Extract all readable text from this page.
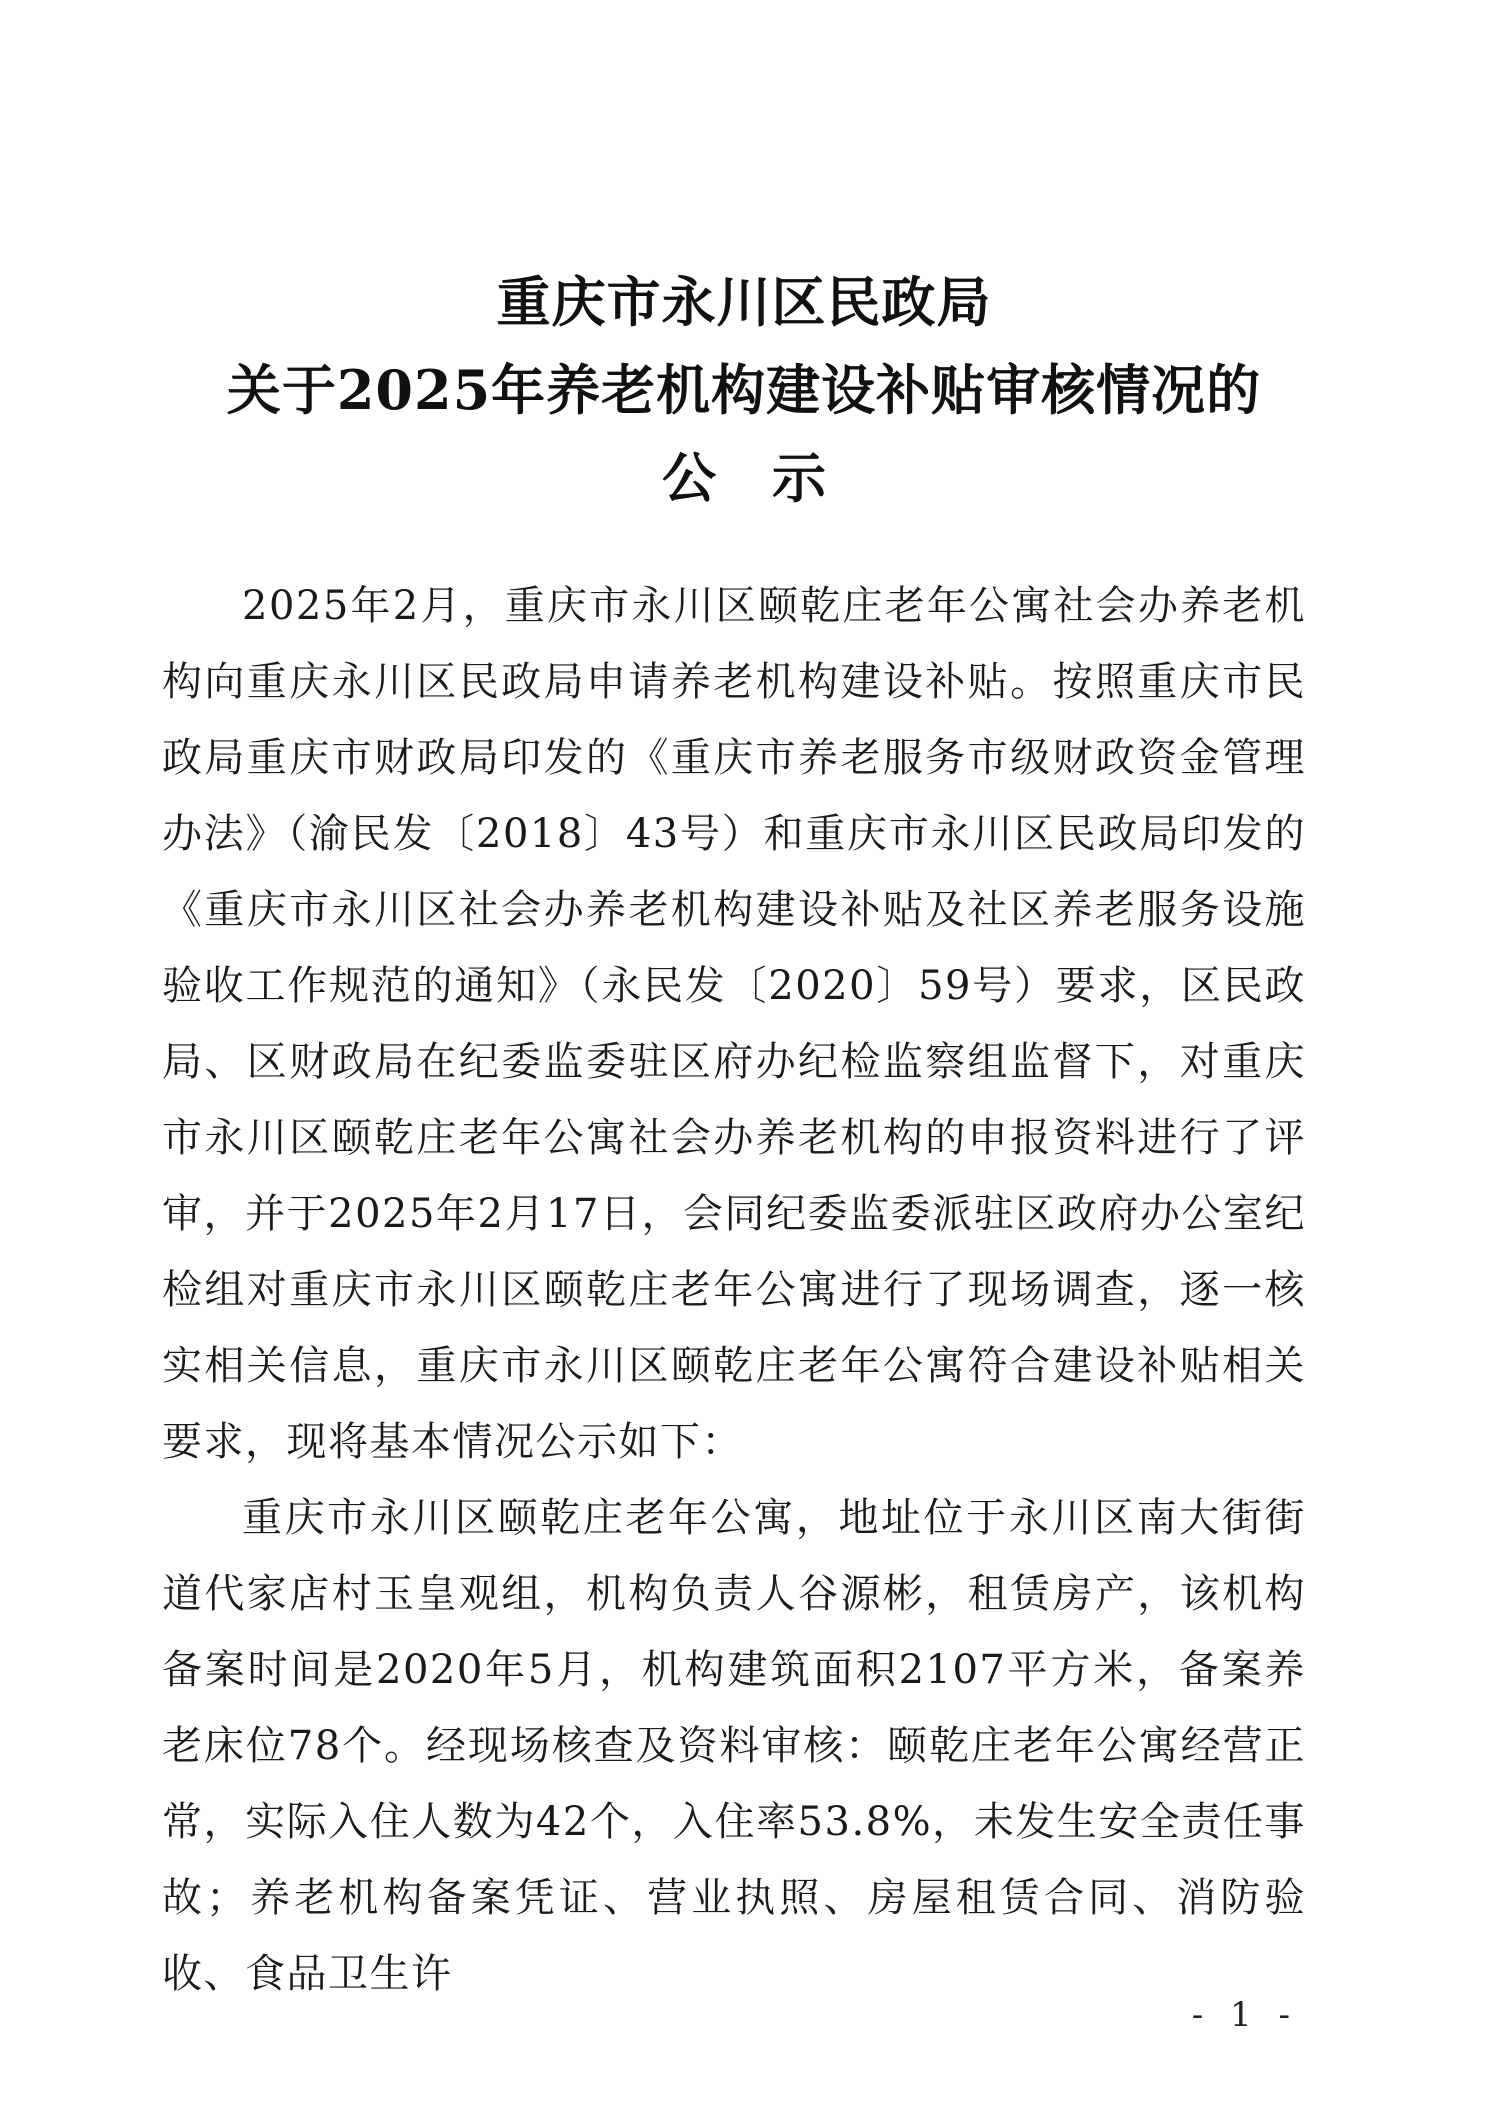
重庆市永川区民政局
关于2025年养老机构建设补贴审核情况的
公示

2025年2月，重庆市永川区颐乾庄老年公寓社会办养老机构向重庆永川区民政局申请养老机构建设补贴。按照重庆市民政局重庆市财政局印发的《重庆市养老服务市级财政资金管理办法》（渝民发〔2018〕43号）和重庆市永川区民政局印发的《重庆市永川区社会办养老机构建设补贴及社区养老服务设施验收工作规范的通知》（永民发〔2020〕59号）要求，区民政局、区财政局在纪委监委驻区府办纪检监察组监督下，对重庆市永川区颐乾庄老年公寓社会办养老机构的申报资料进行了评审，并于2025年2月17日，会同纪委监委派驻区政府办公室纪检组对重庆市永川区颐乾庄老年公寓进行了现场调查，逐一核实相关信息，重庆市永川区颐乾庄老年公寓符合建设补贴相关要求，现将基本情况公示如下：

重庆市永川区颐乾庄老年公寓，地址位于永川区南大街街道代家店村玉皇观组，机构负责人谷源彬，租赁房产，该机构备案时间是2020年5月，机构建筑面积2107平方米，备案养老床位78个。经现场核查及资料审核：颐乾庄老年公寓经营正常，实际入住人数为42个，入住率53.8%，未发生安全责任事故；养老机构备案凭证、营业执照、房屋租赁合同、消防验收、食品卫生许

- 1 -
